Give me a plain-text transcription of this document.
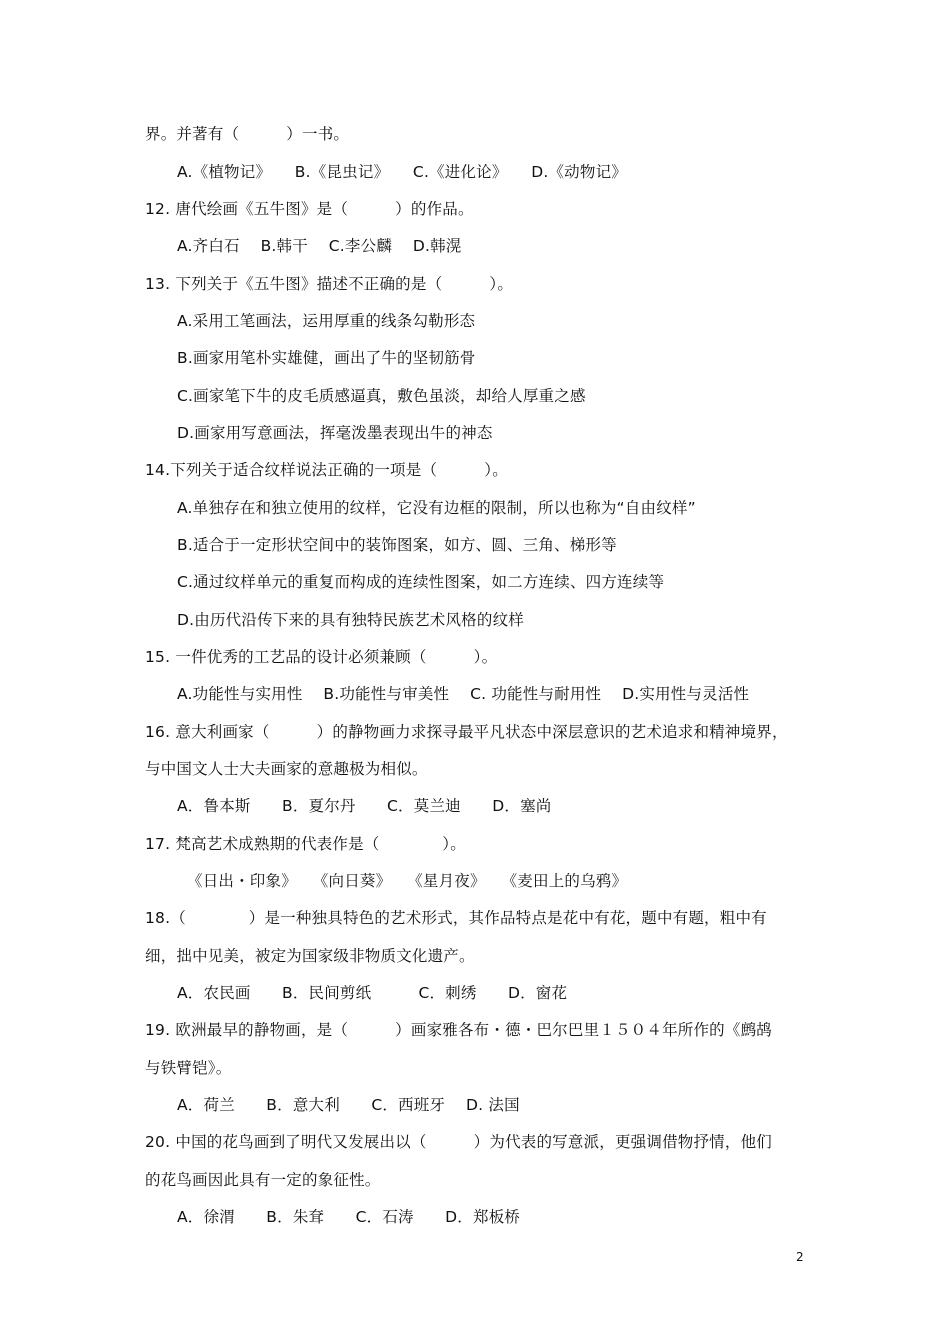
界。并著有（　　　）一书。
A.《植物记》　　B.《昆虫记》　　C.《进化论》　　D.《动物记》
12. 唐代绘画《五牛图》是（　　　）的作品。
A.齐白石　 B.韩干　 C.李公麟　 D.韩滉
13. 下列关于《五牛图》描述不正确的是（　　　）。
A.采用工笔画法，运用厚重的线条勾勒形态
B.画家用笔朴实雄健，画出了牛的坚韧筋骨
C.画家笔下牛的皮毛质感逼真，敷色虽淡，却给人厚重之感
D.画家用写意画法，挥毫泼墨表现出牛的神态
14.下列关于适合纹样说法正确的一项是（　　　）。
A.单独存在和独立使用的纹样，它没有边框的限制，所以也称为“自由纹样”
B.适合于一定形状空间中的装饰图案，如方、圆、三角、梯形等
C.通过纹样单元的重复而构成的连续性图案，如二方连续、四方连续等
D.由历代沿传下来的具有独特民族艺术风格的纹样
15. 一件优秀的工艺品的设计必须兼顾（　　　）。
A.功能性与实用性　 B.功能性与审美性　 C. 功能性与耐用性　 D.实用性与灵活性
16. 意大利画家（　　　）的静物画力求探寻最平凡状态中深层意识的艺术追求和精神境界，
与中国文人士大夫画家的意趣极为相似。
A．鲁本斯　　B．夏尔丹　　C．莫兰迪　　D．塞尚
17. 梵高艺术成熟期的代表作是（　　　　）。
《日出・印象》　　《向日葵》　　《星月夜》　　《麦田上的乌鸦》
18.（　　　　）是一种独具特色的艺术形式，其作品特点是花中有花，题中有题，粗中有
细，拙中见美，被定为国家级非物质文化遗产。
A．农民画　　B．民间剪纸　　　C．刺绣　　D．窗花
19. 欧洲最早的静物画，是（　　　）画家雅各布・德・巴尔巴里１５０４年所作的《鹧鸪
与铁臂铠》。
A．荷兰　　B．意大利　　C．西班牙　 D. 法国
20. 中国的花鸟画到了明代又发展出以（　　　）为代表的写意派，更强调借物抒情，他们
的花鸟画因此具有一定的象征性。
A．徐渭　　B．朱耷　　C．石涛　　D．郑板桥
2
